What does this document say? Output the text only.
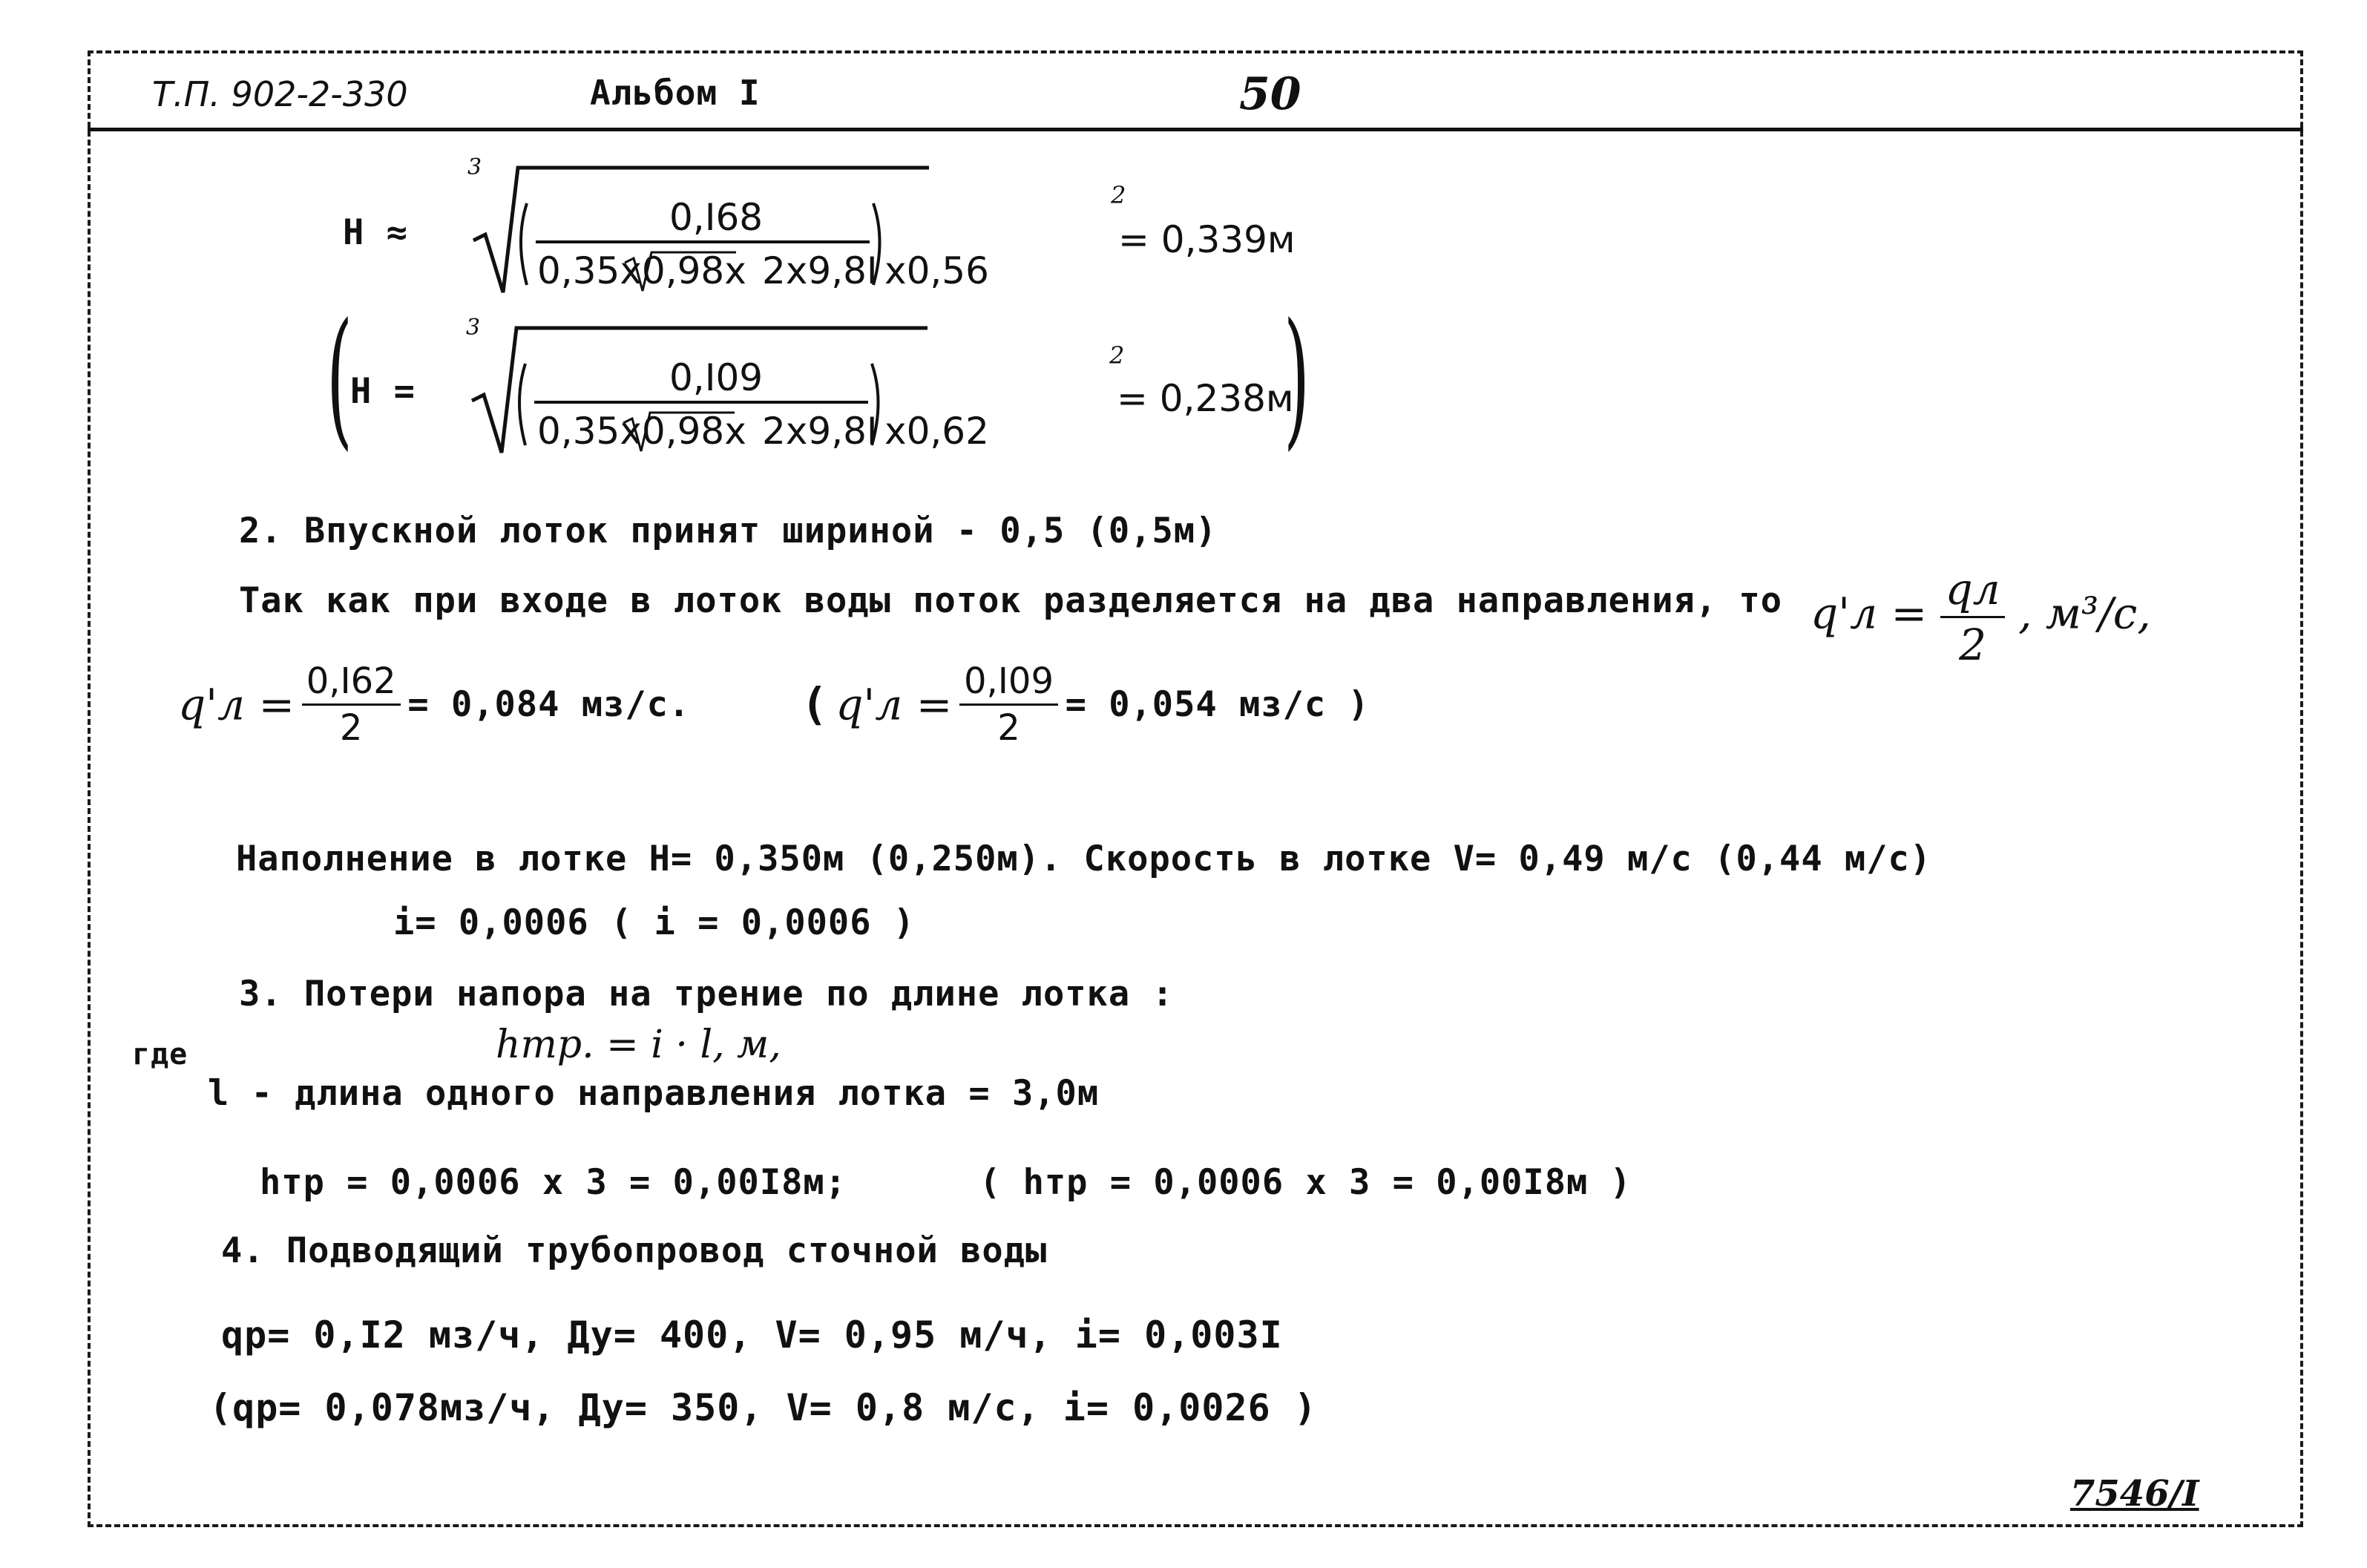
Т.П. 902-2-330	Альбом I	50
H ≈
3
0,I68
0,35x0,98x 2x9,8I x0,56
2
= 0,339м
(
H =
3
0,I09
0,35x0,98x 2x9,8I x0,62
2
= 0,238м
)
2. Впускной лоток принят шириной - 0,5 (0,5м)
Так как при входе в лоток воды поток разделяется на два направления, то $q'л = \frac{qл}{2}$ , м³/с,
$q'л = \frac{0,I62}{2} = 0,084$ мз/с. ( $q'л = \frac{0,I09}{2} = 0,054$ мз/с )
Наполнение в лотке H= 0,350м (0,250м). Скорость в лотке V= 0,49 м/с (0,44 м/с)
i= 0,0006 ( i = 0,0006 )
3. Потери напора на трение по длине лотка :
hтр. = i · l, м,
где
l - длина одного направления лотка = 3,0м
hтр = 0,0006 x 3 = 0,00I8м;	( hтр = 0,0006 x 3 = 0,00I8м )
4. Подводящий трубопровод сточной воды
qр= 0,I2 мз/ч, Ду= 400, V= 0,95 м/ч, i= 0,003I
(qр= 0,078мз/ч, Ду= 350, V= 0,8 м/с, i= 0,0026 )
7546/I
